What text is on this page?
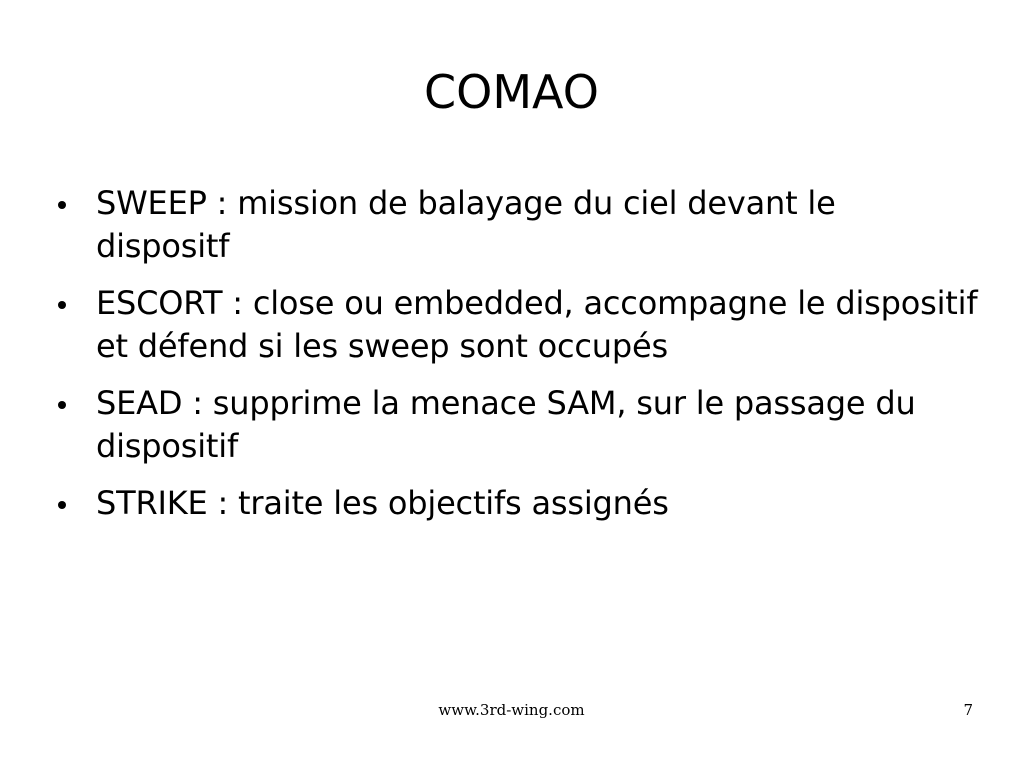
COMAO
SWEEP : mission de balayage du ciel devant le dispositf
ESCORT : close ou embedded, accompagne le dispositif et défend si les sweep sont occupés
SEAD : supprime la menace SAM, sur le passage du dispositif
STRIKE : traite les objectifs assignés
www.3rd-wing.com	7
